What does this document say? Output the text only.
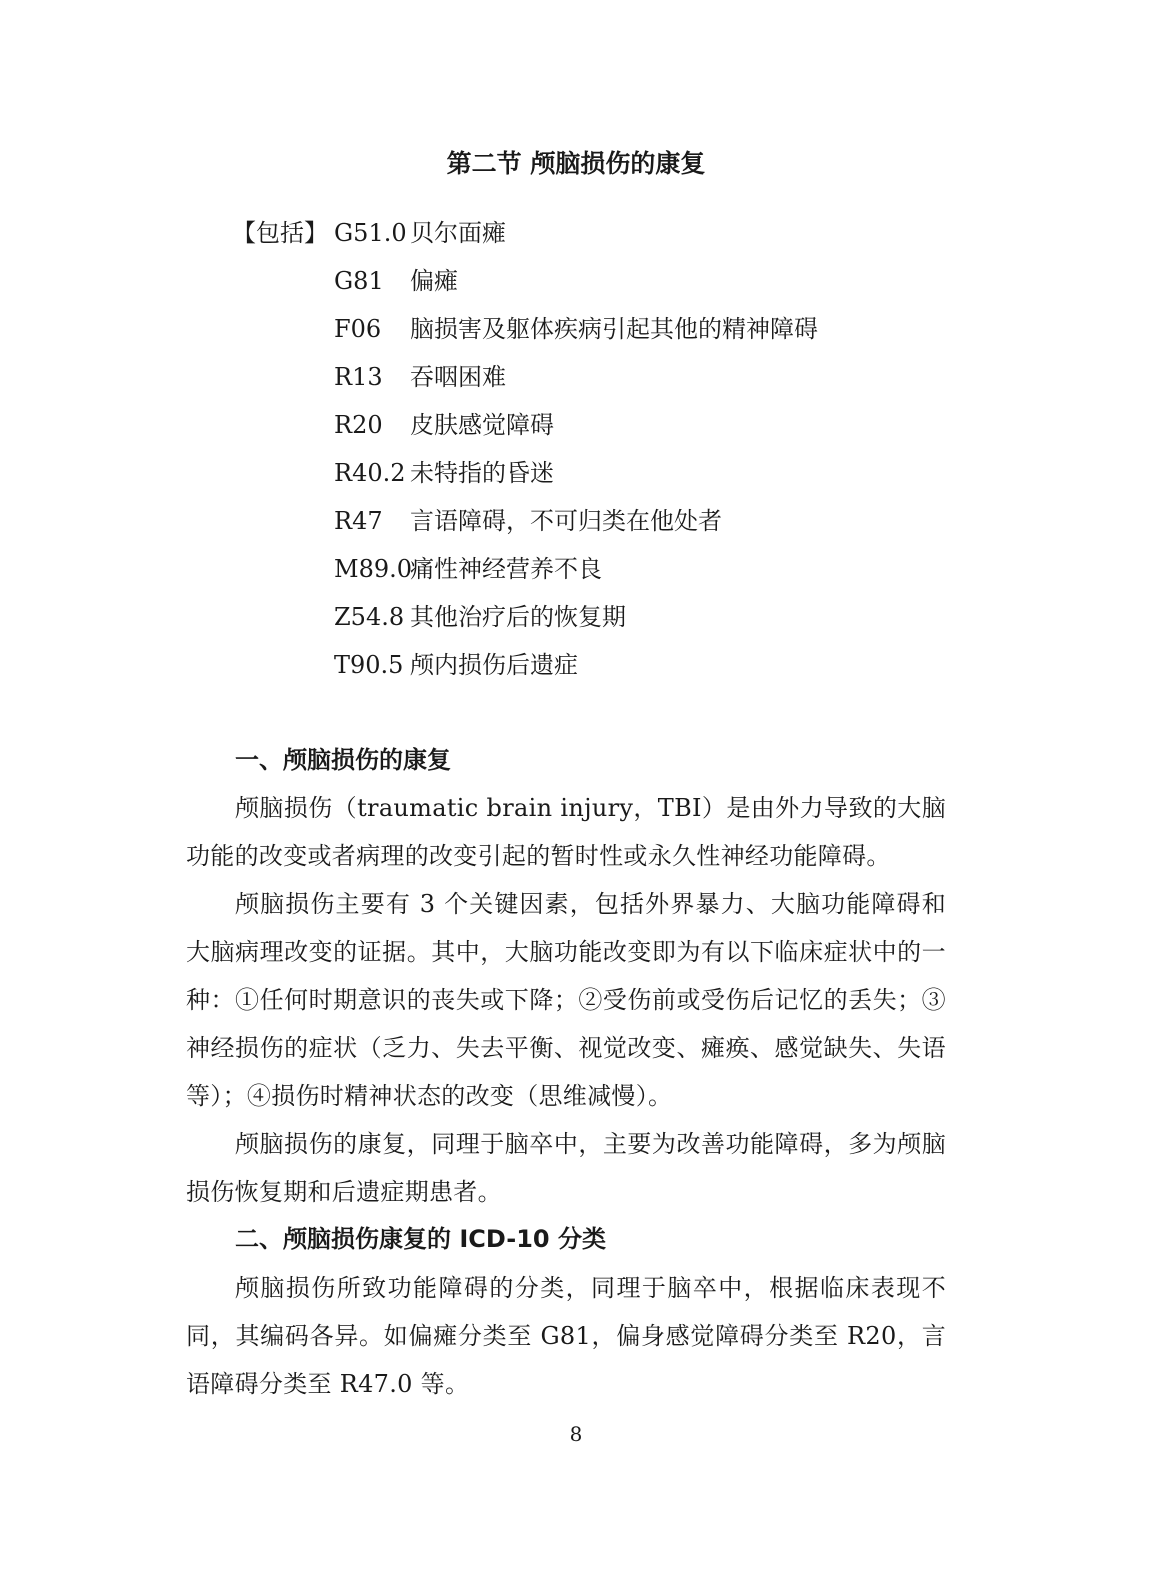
第二节 颅脑损伤的康复
【包括】 G51.0 贝尔面瘫
G81 偏瘫
F06 脑损害及躯体疾病引起其他的精神障碍
R13 吞咽困难
R20 皮肤感觉障碍
R40.2 未特指的昏迷
R47 言语障碍，不可归类在他处者
M89.0痛性神经营养不良
Z54.8 其他治疗后的恢复期
T90.5 颅内损伤后遗症
一、颅脑损伤的康复
颅脑损伤（traumatic brain injury，TBI）是由外力导致的大脑功能的改变或者病理的改变引起的暂时性或永久性神经功能障碍。
颅脑损伤主要有 3 个关键因素，包括外界暴力、大脑功能障碍和大脑病理改变的证据。其中，大脑功能改变即为有以下临床症状中的一种：①任何时期意识的丧失或下降；②受伤前或受伤后记忆的丢失；③神经损伤的症状（乏力、失去平衡、视觉改变、瘫痪、感觉缺失、失语等）；④损伤时精神状态的改变（思维减慢）。
颅脑损伤的康复，同理于脑卒中，主要为改善功能障碍，多为颅脑损伤恢复期和后遗症期患者。
二、颅脑损伤康复的 ICD-10 分类
颅脑损伤所致功能障碍的分类，同理于脑卒中，根据临床表现不同，其编码各异。如偏瘫分类至 G81，偏身感觉障碍分类至 R20，言语障碍分类至 R47.0 等。
8
